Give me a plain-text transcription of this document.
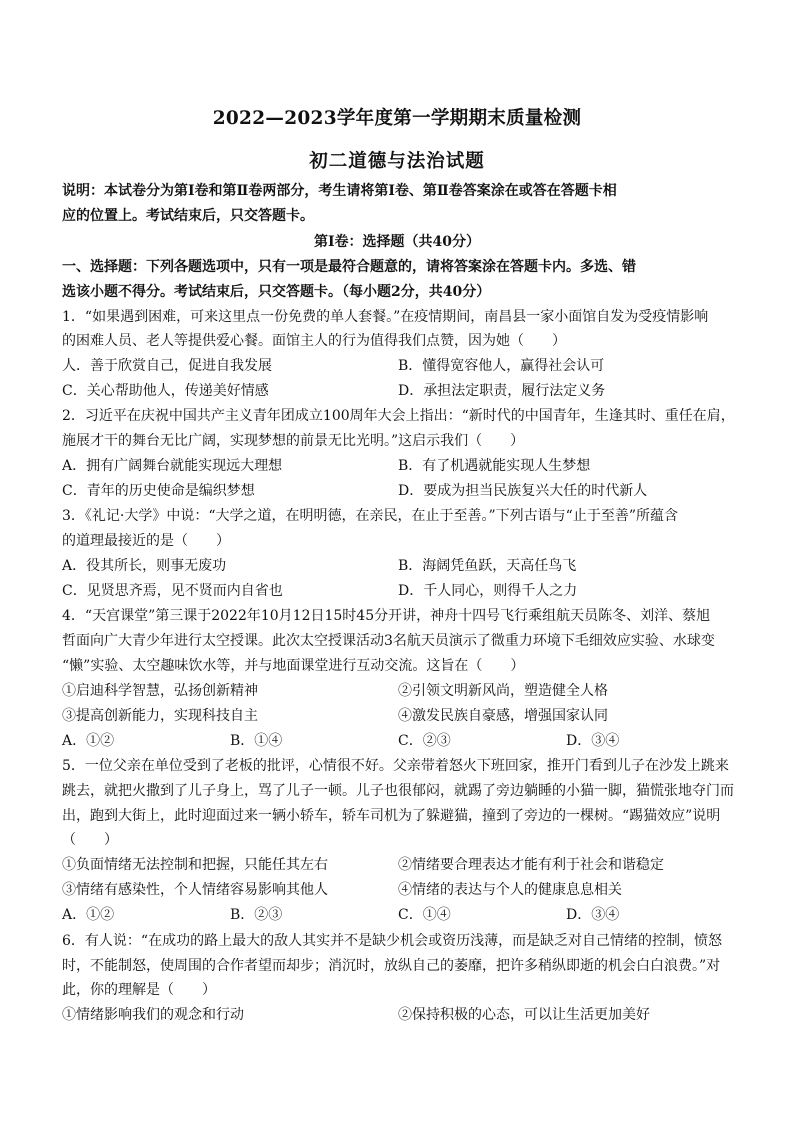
2022—2023学年度第一学期期末质量检测
初二道德与法治试题
说明：本试卷分为第Ⅰ卷和第Ⅱ卷两部分，考生请将第Ⅰ卷、第Ⅱ卷答案涂在或答在答题卡相
应的位置上。考试结束后，只交答题卡。
第Ⅰ卷：选择题（共40分）
一、选择题：下列各题选项中，只有一项是最符合题意的，请将答案涂在答题卡内。多选、错
选该小题不得分。考试结束后，只交答题卡。（每小题2分，共40分）
1．“如果遇到困难，可来这里点一份免费的单人套餐。”在疫情期间，南昌县一家小面馆自发为受疫情影响
的困难人员、老人等提供爱心餐。面馆主人的行为值得我们点赞，因为她（　　）
人．善于欣赏自己，促进自我发展	B．懂得宽容他人，赢得社会认可
C．关心帮助他人，传递美好情感	D．承担法定职责，履行法定义务
2．习近平在庆祝中国共产主义青年团成立100周年大会上指出：“新时代的中国青年，生逢其时、重任在肩，
施展才干的舞台无比广阔，实现梦想的前景无比光明。”这启示我们（　　）
A．拥有广阔舞台就能实现远大理想	B．有了机遇就能实现人生梦想
C．青年的历史使命是编织梦想	D．要成为担当民族复兴大任的时代新人
3．《礼记·大学》中说：“大学之道，在明明德，在亲民，在止于至善。”下列古语与“止于至善”所蕴含
的道理最接近的是（　　）
A．役其所长，则事无废功	B．海阔凭鱼跃，天高任鸟飞
C．见贤思齐焉，见不贤而内自省也	D．千人同心，则得千人之力
4．“天宫课堂”第三课于2022年10月12日15时45分开讲，神舟十四号飞行乘组航天员陈冬、刘洋、蔡旭
哲面向广大青少年进行太空授课。此次太空授课活动3名航天员演示了微重力环境下毛细效应实验、水球变
“懒”实验、太空趣味饮水等，并与地面课堂进行互动交流。这旨在（　　）
①启迪科学智慧，弘扬创新精神	②引领文明新风尚，塑造健全人格
③提高创新能力，实现科技自主	④激发民族自豪感，增强国家认同
A．①②	B．①④	C．②③	D．③④
5．一位父亲在单位受到了老板的批评，心情很不好。父亲带着怒火下班回家，推开门看到儿子在沙发上跳来
跳去，就把火撒到了儿子身上，骂了儿子一顿。儿子也很郁闷，就踢了旁边躺睡的小猫一脚，猫慌张地夺门而
出，跑到大街上，此时迎面过来一辆小轿车，轿车司机为了躲避猫，撞到了旁边的一棵树。“踢猫效应”说明
（　　）
①负面情绪无法控制和把握，只能任其左右	②情绪要合理表达才能有利于社会和谐稳定
③情绪有感染性，个人情绪容易影响其他人	④情绪的表达与个人的健康息息相关
A．①②	B．②③	C．①④	D．③④
6．有人说：“在成功的路上最大的敌人其实并不是缺少机会或资历浅薄，而是缺乏对自己情绪的控制，愤怒
时，不能制怒，使周围的合作者望而却步；消沉时，放纵自己的萎靡，把许多稍纵即逝的机会白白浪费。”对
此，你的理解是（　　）
①情绪影响我们的观念和行动	②保持积极的心态，可以让生活更加美好
